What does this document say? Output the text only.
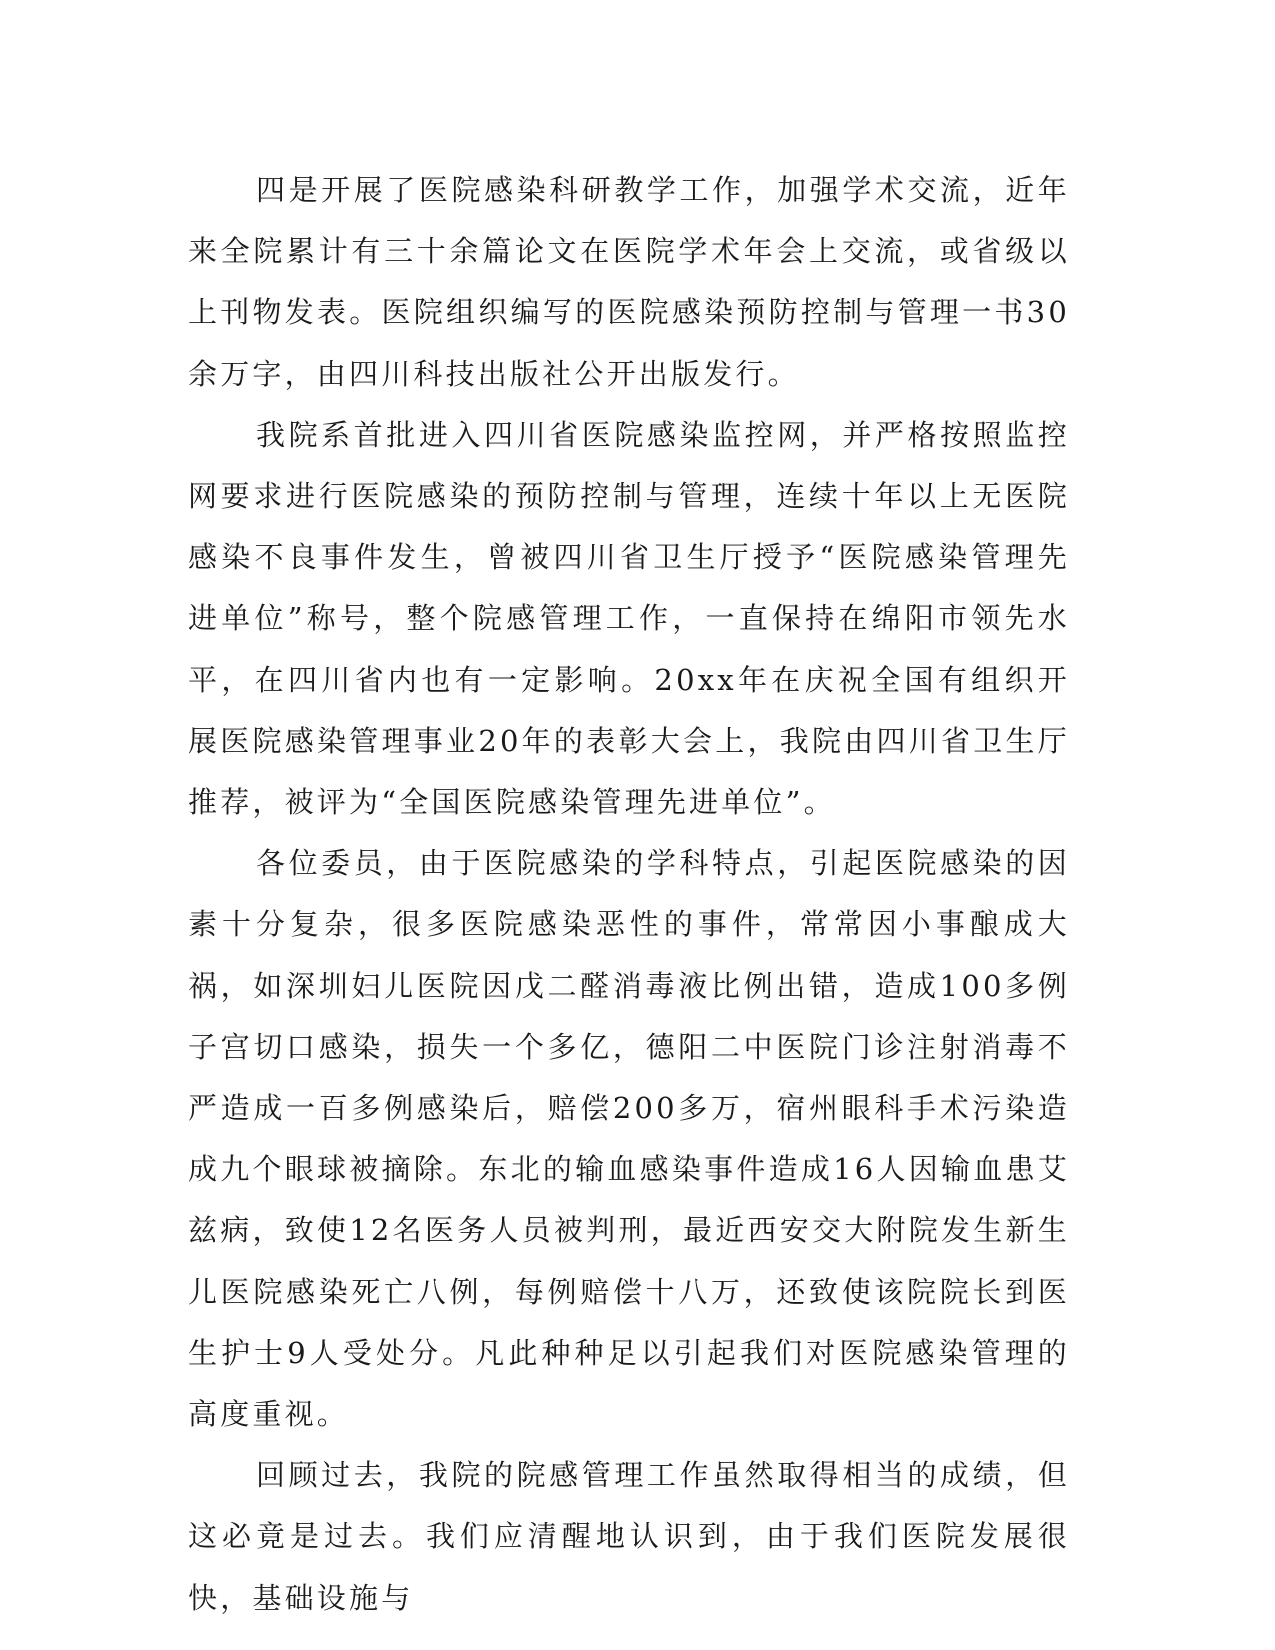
四是开展了医院感染科研教学工作，加强学术交流，近年来全院累计有三十余篇论文在医院学术年会上交流，或省级以上刊物发表。医院组织编写的医院感染预防控制与管理一书30余万字，由四川科技出版社公开出版发行。

我院系首批进入四川省医院感染监控网，并严格按照监控网要求进行医院感染的预防控制与管理，连续十年以上无医院感染不良事件发生，曾被四川省卫生厅授予“医院感染管理先进单位”称号，整个院感管理工作，一直保持在绵阳市领先水平，在四川省内也有一定影响。20xx年在庆祝全国有组织开展医院感染管理事业20年的表彰大会上，我院由四川省卫生厅推荐，被评为“全国医院感染管理先进单位”。

各位委员，由于医院感染的学科特点，引起医院感染的因素十分复杂，很多医院感染恶性的事件，常常因小事酿成大祸，如深圳妇儿医院因戊二醛消毒液比例出错，造成100多例子宫切口感染，损失一个多亿，德阳二中医院门诊注射消毒不严造成一百多例感染后，赔偿200多万，宿州眼科手术污染造成九个眼球被摘除。东北的输血感染事件造成16人因输血患艾兹病，致使12名医务人员被判刑，最近西安交大附院发生新生儿医院感染死亡八例，每例赔偿十八万，还致使该院院长到医生护士9人受处分。凡此种种足以引起我们对医院感染管理的高度重视。

回顾过去，我院的院感管理工作虽然取得相当的成绩，但这必竟是过去。我们应清醒地认识到，由于我们医院发展很快，基础设施与
